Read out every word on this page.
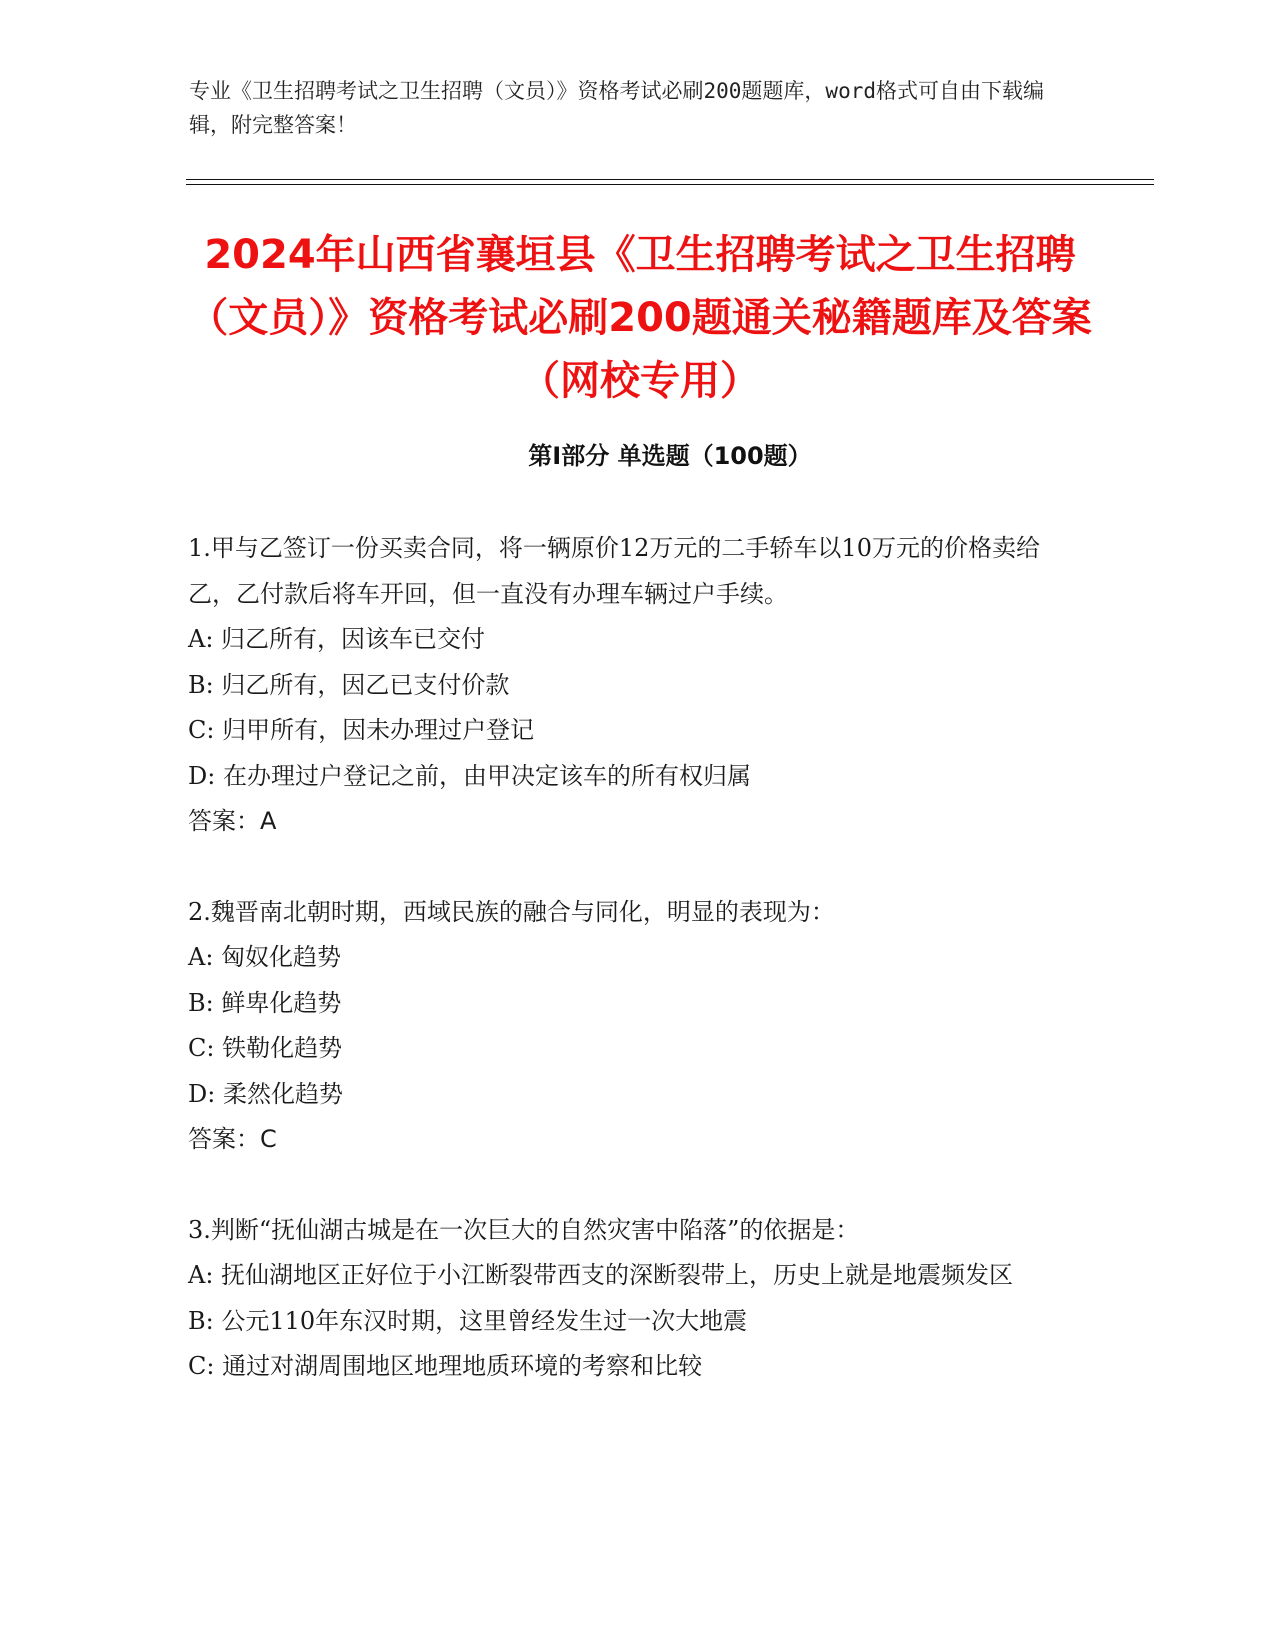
专业《卫生招聘考试之卫生招聘（文员）》资格考试必刷200题题库，word格式可自由下载编辑，附完整答案！
2024年山西省襄垣县《卫生招聘考试之卫生招聘（文员）》资格考试必刷200题通关秘籍题库及答案（网校专用）
第Ⅰ部分 单选题（100题）

1.甲与乙签订一份买卖合同，将一辆原价12万元的二手轿车以10万元的价格卖给乙，乙付款后将车开回，但一直没有办理车辆过户手续。

A: 归乙所有，因该车已交付

B: 归乙所有，因乙已支付价款

C: 归甲所有，因未办理过户登记

D: 在办理过户登记之前，由甲决定该车的所有权归属

答案：A

2.魏晋南北朝时期，西域民族的融合与同化，明显的表现为：

A: 匈奴化趋势

B: 鲜卑化趋势

C: 铁勒化趋势

D: 柔然化趋势

答案：C

3.判断“抚仙湖古城是在一次巨大的自然灾害中陷落”的依据是：

A: 抚仙湖地区正好位于小江断裂带西支的深断裂带上，历史上就是地震频发区

B: 公元110年东汉时期，这里曾经发生过一次大地震

C: 通过对湖周围地区地理地质环境的考察和比较
